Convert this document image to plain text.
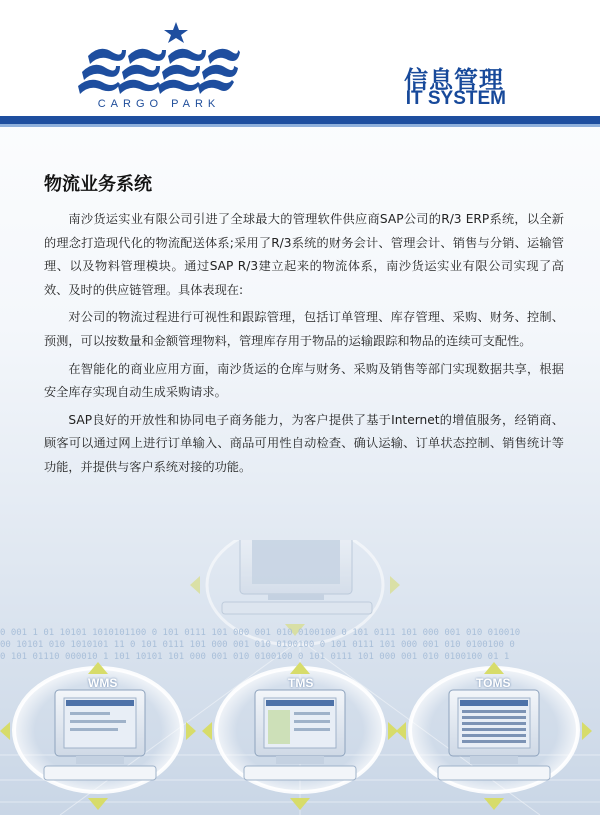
CARGO PARK
信息管理
IT SYSTEM
物流业务系统

南沙货运实业有限公司引进了全球最大的管理软件供应商SAP公司的R/3 ERP系统，以全新的理念打造现代化的物流配送体系;采用了R/3系统的财务会计、管理会计、销售与分销、运输管理、以及物料管理模块。通过SAP R/3建立起来的物流体系，南沙货运实业有限公司实现了高效、及时的供应链管理。具体表现在:

对公司的物流过程进行可视性和跟踪管理，包括订单管理、库存管理、采购、财务、控制、预测，可以按数量和金额管理物料，管理库存用于物品的运输跟踪和物品的连续可支配性。

在智能化的商业应用方面，南沙货运的仓库与财务、采购及销售等部门实现数据共享，根据安全库存实现自动生成采购请求。

SAP良好的开放性和协同电子商务能力，为客户提供了基于Internet的增值服务，经销商、顾客可以通过网上进行订单输入、商品可用性自动检查、确认运输、订单状态控制、销售统计等功能，并提供与客户系统对接的功能。

0 001 1 01 10101 1010101100 0 101 0111 101 000 001 010 0100100 0 101 0111 101 000 001 010 010010
00 10101 010 1010101 11 0 101 0111 101 000 001 010 0100100 0 101 0111 101 000 001 010 0100100 0
0 101 01110 000010 1 101 10101 101 000 001 010 0100100 0 101 0111 101 000 001 010 0100100 01 1
WMS	TMS	TOMS
